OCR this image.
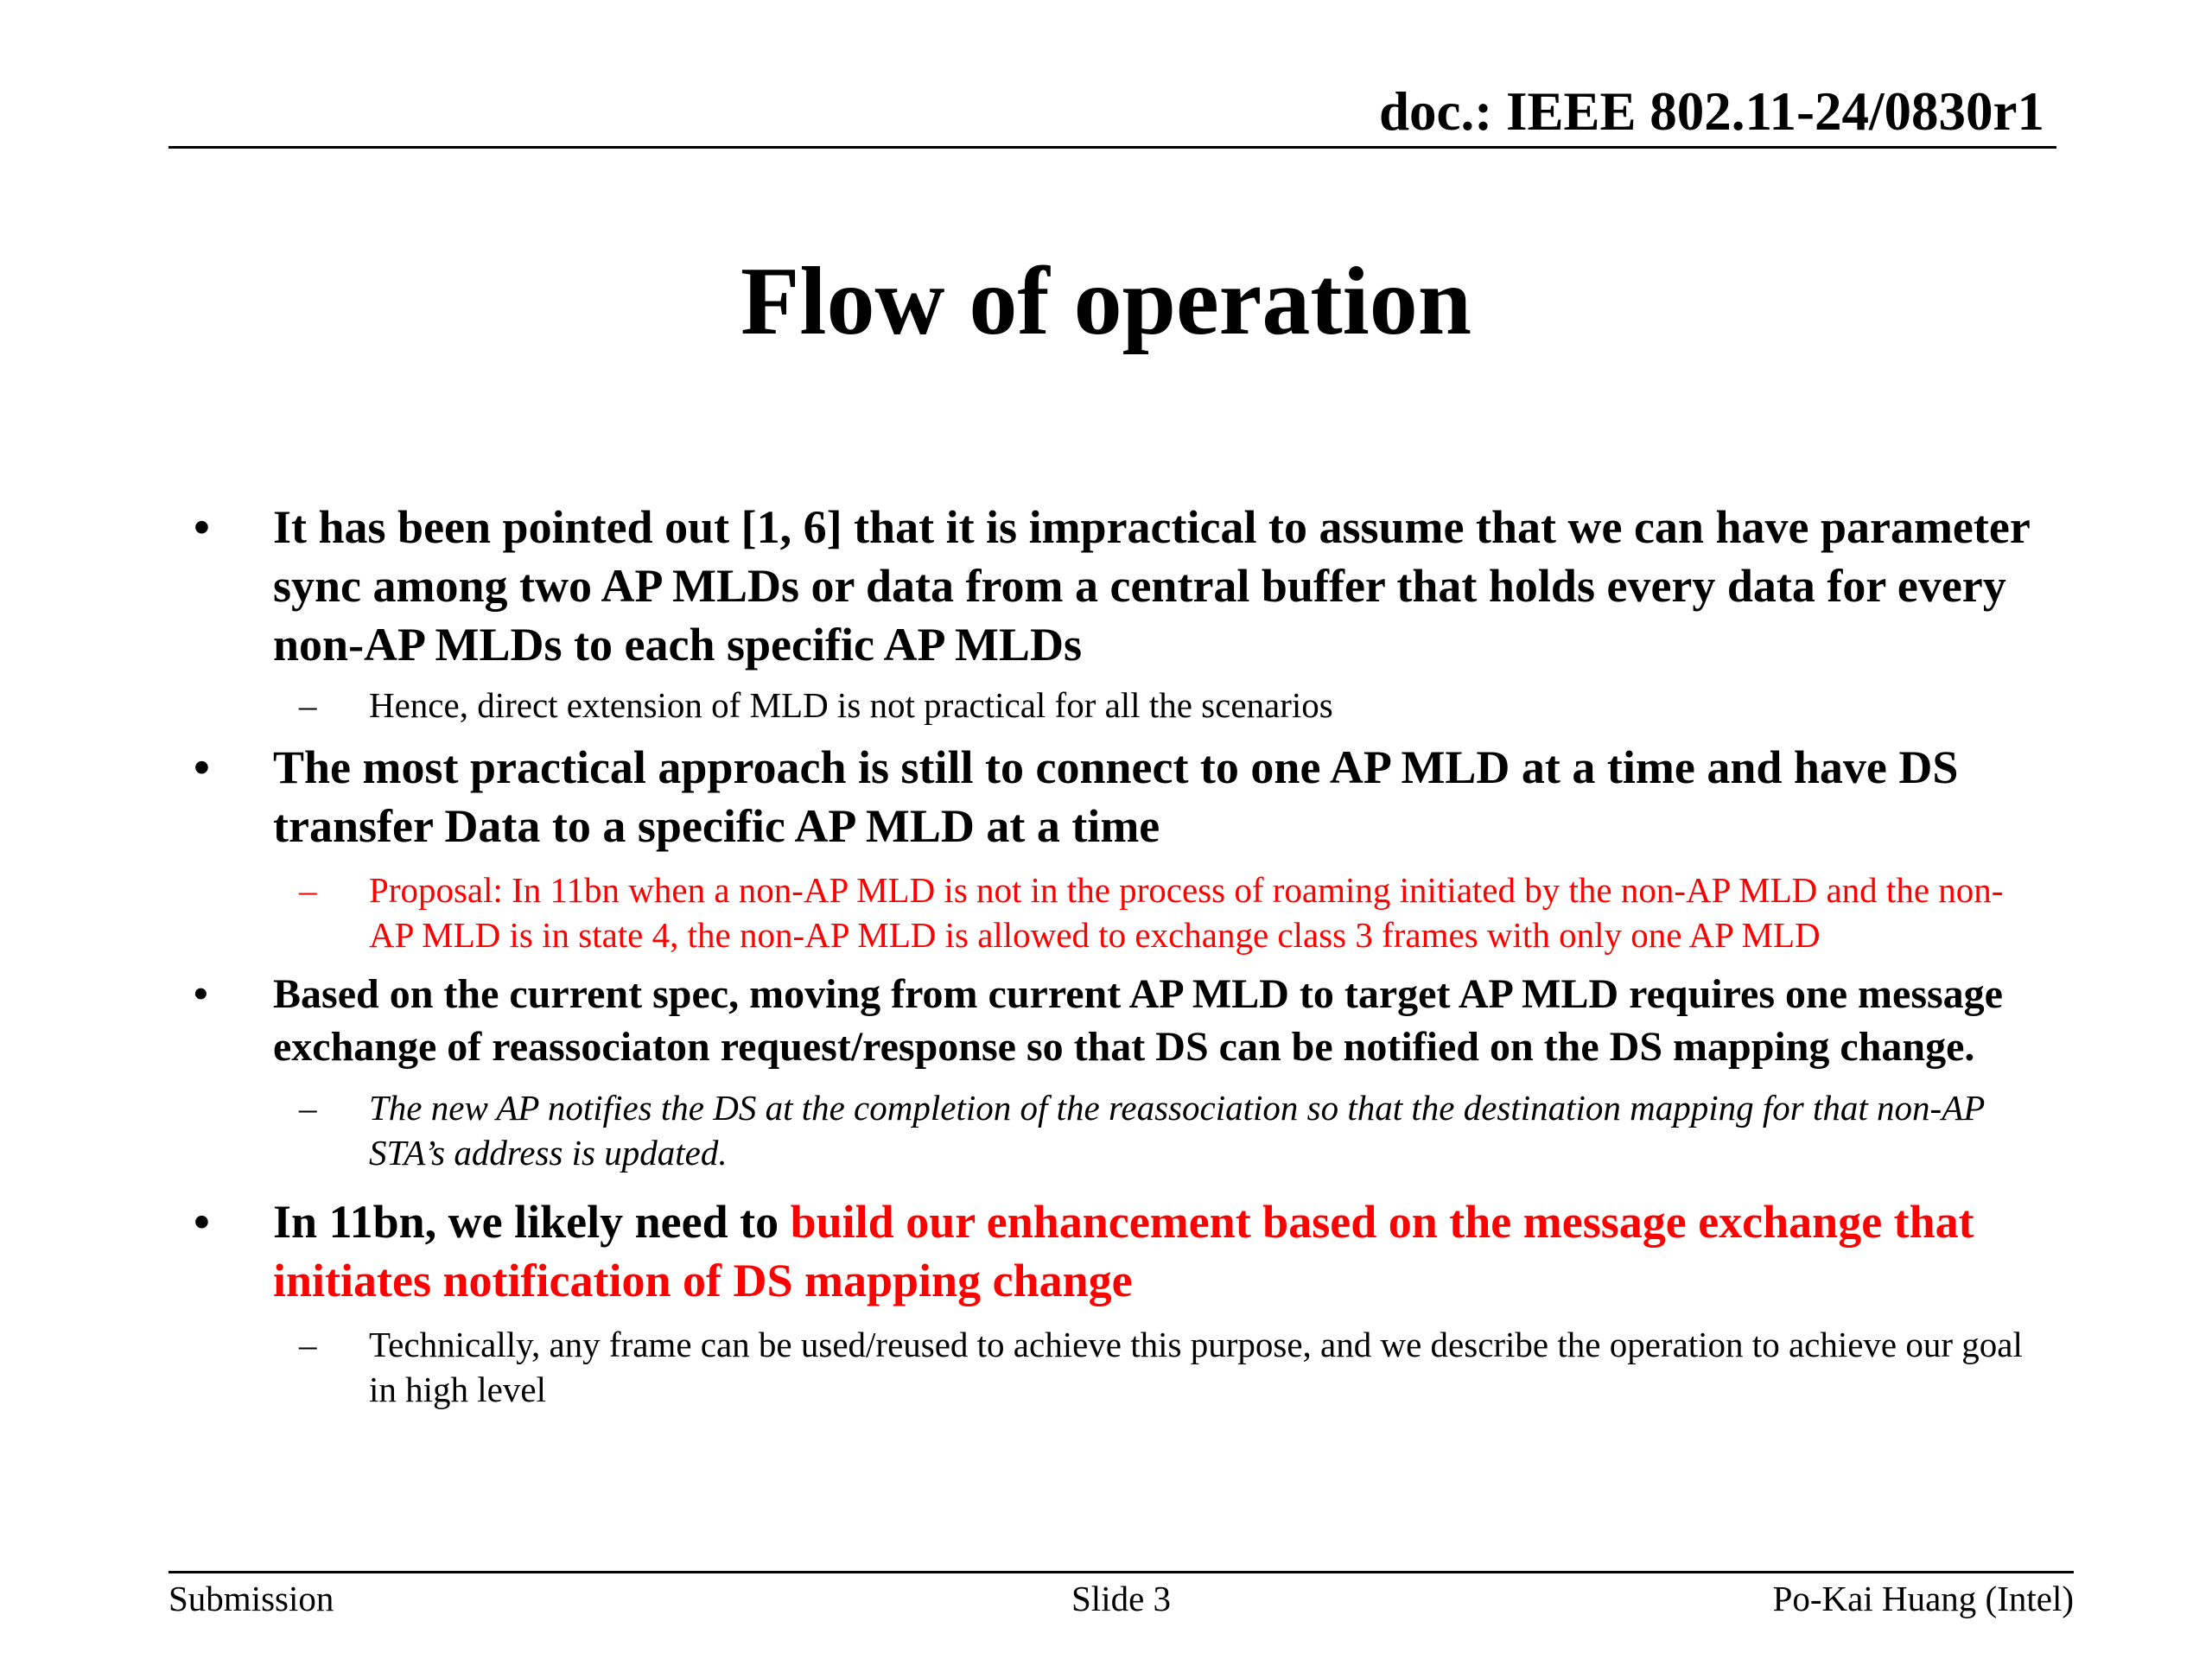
doc.: IEEE 802.11-24/0830r1
Flow of operation
• It has been pointed out [1, 6] that it is impractical to assume that we can have parameter sync among two AP MLDs or data from a central buffer that holds every data for every non-AP MLDs to each specific AP MLDs
– Hence, direct extension of MLD is not practical for all the scenarios
• The most practical approach is still to connect to one AP MLD at a time and have DS transfer Data to a specific AP MLD at a time
– Proposal: In 11bn when a non-AP MLD is not in the process of roaming initiated by the non-AP MLD and the non-AP MLD is in state 4, the non-AP MLD is allowed to exchange class 3 frames with only one AP MLD
• Based on the current spec, moving from current AP MLD to target AP MLD requires one message exchange of reassociaton request/response so that DS can be notified on the DS mapping change.
– The new AP notifies the DS at the completion of the reassociation so that the destination mapping for that non-AP STA’s address is updated.
• In 11bn, we likely need to build our enhancement based on the message exchange that initiates notification of DS mapping change
– Technically, any frame can be used/reused to achieve this purpose, and we describe the operation to achieve our goal in high level
Submission	Slide 3	Po-Kai Huang (Intel)
